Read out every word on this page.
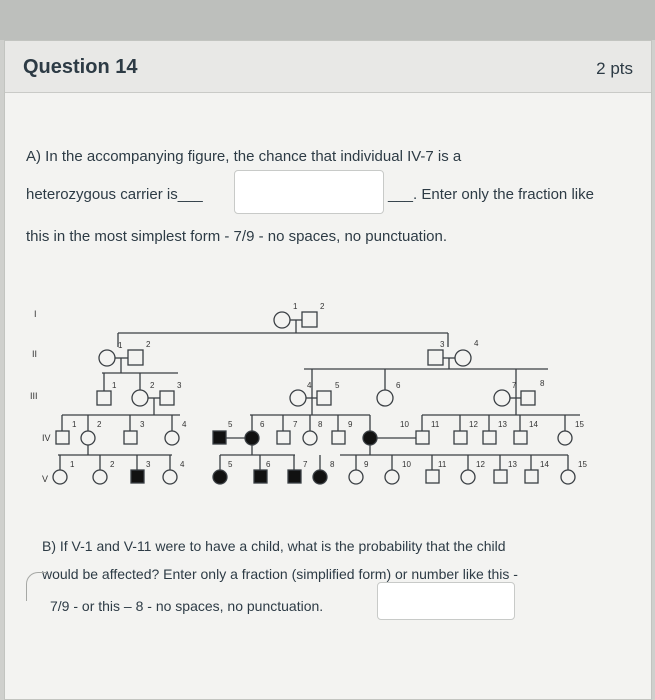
Question 14	2 pts
A) In the accompanying figure, the chance that individual IV-7 is a
heterozygous carrier is___	___. Enter only the fraction like
this in the most simplest form - 7/9 - no spaces, no punctuation.
I
II
III
IV
V
1	2
1	2	3	4
1	2	3	4	5	6	7	8
1	2	3	4	5	6	7	8	9	10	11	12	13	14	15
1	2	3	4	5	6	7	8	9	10	11	12	13	14	15
B) If V-1 and V-11 were to have a child, what is the probability that the child
would be affected? Enter only a fraction (simplified form) or number like this -
7/9 - or this – 8 - no spaces, no punctuation.
